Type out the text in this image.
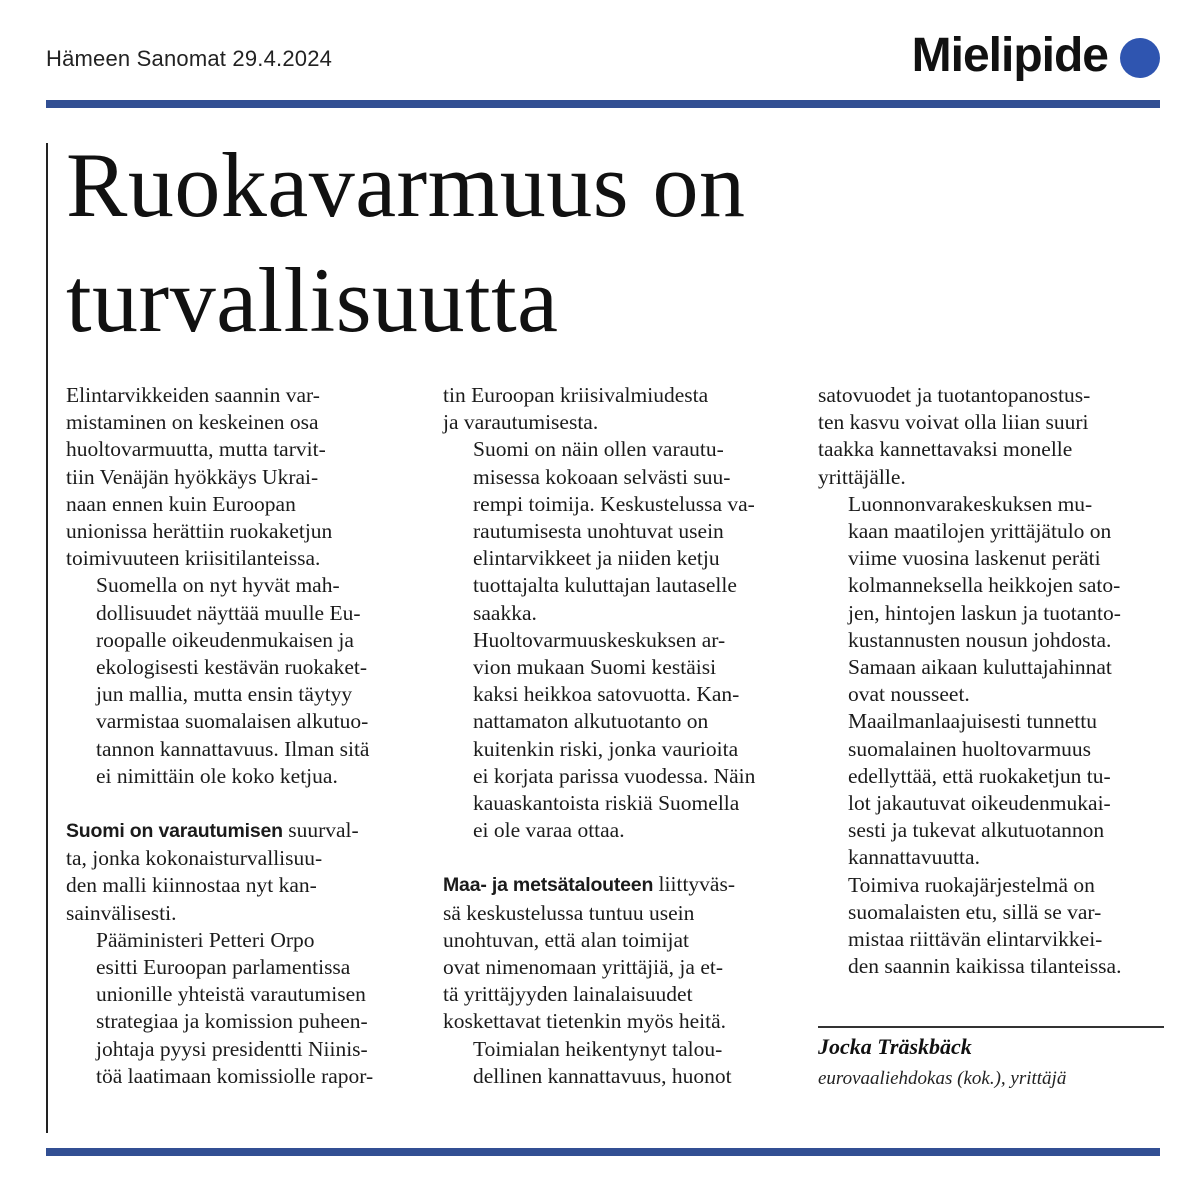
Hämeen Sanomat 29.4.2024	Mielipide
Ruokavarmuus on turvallisuutta

Elintarvikkeiden saannin var-
mistaminen on keskeinen osa
huoltovarmuutta, mutta tarvit-
tiin Venäjän hyökkäys Ukrai-
naan ennen kuin Euroopan
unionissa herättiin ruokaketjun
toimivuuteen kriisitilanteissa.

Suomella on nyt hyvät mah-
dollisuudet näyttää muulle Eu-
roopalle oikeudenmukaisen ja
ekologisesti kestävän ruokaket-
jun mallia, mutta ensin täytyy
varmistaa suomalaisen alkutuo-
tannon kannattavuus. Ilman sitä
ei nimittäin ole koko ketjua.

Suomi on varautumisen suurval-
ta, jonka kokonaisturvallisuu-
den malli kiinnostaa nyt kan-
sainvälisesti.

Pääministeri Petteri Orpo
esitti Euroopan parlamentissa
unionille yhteistä varautumisen
strategiaa ja komission puheen-
johtaja pyysi presidentti Niinis-
töä laatimaan komissiolle rapor-

tin Euroopan kriisivalmiudesta
ja varautumisesta.

Suomi on näin ollen varautu-
misessa kokoaan selvästi suu-
rempi toimija. Keskustelussa va-
rautumisesta unohtuvat usein
elintarvikkeet ja niiden ketju
tuottajalta kuluttajan lautaselle
saakka.

Huoltovarmuuskeskuksen ar-
vion mukaan Suomi kestäisi
kaksi heikkoa satovuotta. Kan-
nattamaton alkutuotanto on
kuitenkin riski, jonka vaurioita
ei korjata parissa vuodessa. Näin
kauaskantoista riskiä Suomella
ei ole varaa ottaa.

Maa- ja metsätalouteen liittyväs-
sä keskustelussa tuntuu usein
unohtuvan, että alan toimijat
ovat nimenomaan yrittäjiä, ja et-
tä yrittäjyyden lainalaisuudet
koskettavat tietenkin myös heitä.

Toimialan heikentynyt talou-
dellinen kannattavuus, huonot

satovuodet ja tuotantopanostus-
ten kasvu voivat olla liian suuri
taakka kannettavaksi monelle
yrittäjälle.

Luonnonvarakeskuksen mu-
kaan maatilojen yrittäjätulo on
viime vuosina laskenut peräti
kolmanneksella heikkojen sato-
jen, hintojen laskun ja tuotanto-
kustannusten nousun johdosta.
Samaan aikaan kuluttajahinnat
ovat nousseet.

Maailmanlaajuisesti tunnettu
suomalainen huoltovarmuus
edellyttää, että ruokaketjun tu-
lot jakautuvat oikeudenmukai-
sesti ja tukevat alkutuotannon
kannattavuutta.

Toimiva ruokajärjestelmä on
suomalaisten etu, sillä se var-
mistaa riittävän elintarvikkei-
den saannin kaikissa tilanteissa.

Jocka Träskbäck
eurovaaliehdokas (kok.), yrittäjä
